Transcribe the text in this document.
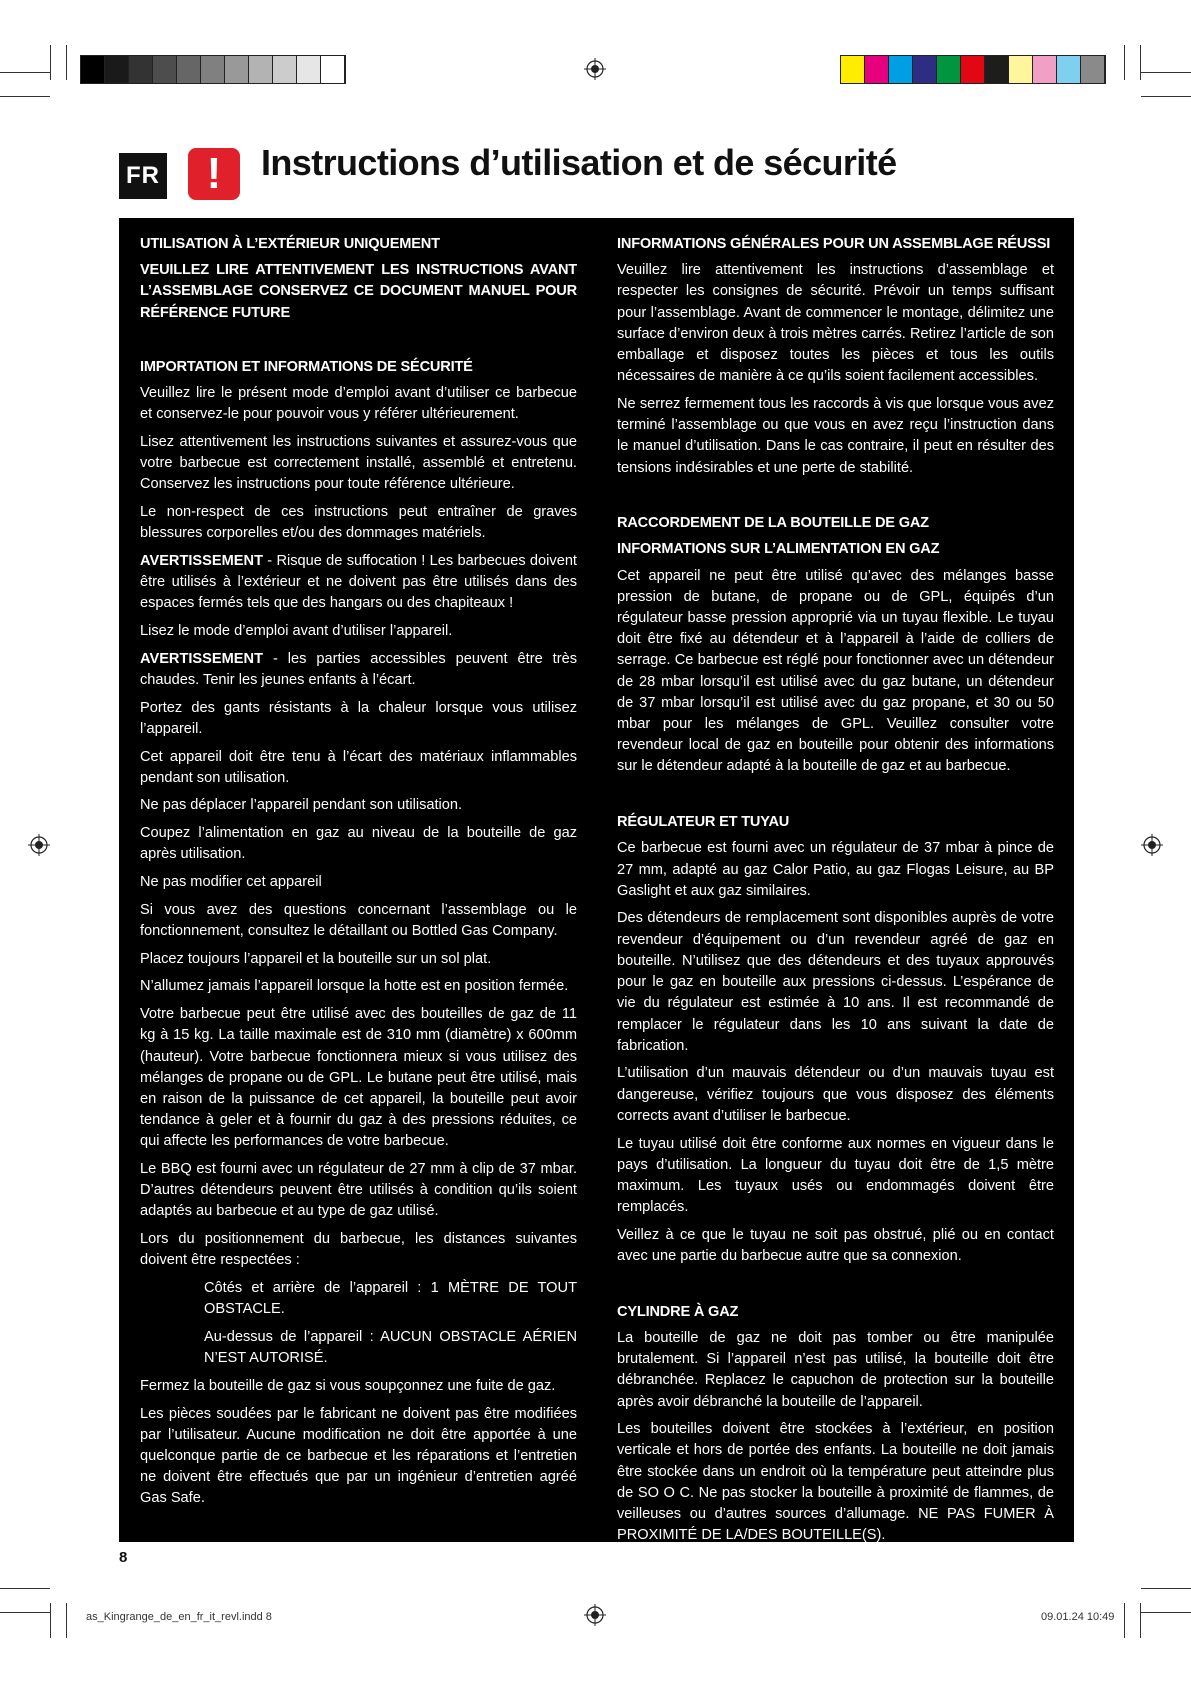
FR	!	Instructions d’utilisation et de sécurité
UTILISATION À L’EXTÉRIEUR UNIQUEMENT
VEUILLEZ LIRE ATTENTIVEMENT LES INSTRUCTIONS AVANT L’ASSEMBLAGE CONSERVEZ CE DOCUMENT MANUEL POUR RÉFÉRENCE FUTURE
IMPORTATION ET INFORMATIONS DE SÉCURITÉ

Veuillez lire le présent mode d’emploi avant d’utiliser ce barbecue et conservez-le pour pouvoir vous y référer ultérieurement.

Lisez attentivement les instructions suivantes et assurez-vous que votre barbecue est correctement installé, assemblé et entretenu. Conservez les instructions pour toute référence ultérieure.

Le non-respect de ces instructions peut entraîner de graves blessures corporelles et/ou des dommages matériels.

AVERTISSEMENT - Risque de suffocation ! Les barbecues doivent être utilisés à l’extérieur et ne doivent pas être utilisés dans des espaces fermés tels que des hangars ou des chapiteaux !

Lisez le mode d’emploi avant d’utiliser l’appareil.

AVERTISSEMENT - les parties accessibles peuvent être très chaudes. Tenir les jeunes enfants à l’écart.

Portez des gants résistants à la chaleur lorsque vous utilisez l’appareil.

Cet appareil doit être tenu à l’écart des matériaux inflammables pendant son utilisation.

Ne pas déplacer l’appareil pendant son utilisation.

Coupez l’alimentation en gaz au niveau de la bouteille de gaz après utilisation.

Ne pas modifier cet appareil

Si vous avez des questions concernant l’assemblage ou le fonctionnement, consultez le détaillant ou Bottled Gas Company.

Placez toujours l’appareil et la bouteille sur un sol plat.

N’allumez jamais l’appareil lorsque la hotte est en position fermée.

Votre barbecue peut être utilisé avec des bouteilles de gaz de 11 kg à 15 kg. La taille maximale est de 310 mm (diamètre) x 600mm (hauteur). Votre barbecue fonctionnera mieux si vous utilisez des mélanges de propane ou de GPL. Le butane peut être utilisé, mais en raison de la puissance de cet appareil, la bouteille peut avoir tendance à geler et à fournir du gaz à des pressions réduites, ce qui affecte les performances de votre barbecue.

Le BBQ est fourni avec un régulateur de 27 mm à clip de 37 mbar. D’autres détendeurs peuvent être utilisés à condition qu’ils soient adaptés au barbecue et au type de gaz utilisé.

Lors du positionnement du barbecue, les distances suivantes doivent être respectées :

Côtés et arrière de l’appareil : 1 MÈTRE DE TOUT OBSTACLE.

Au-dessus de l’appareil : AUCUN OBSTACLE AÉRIEN N’EST AUTORISÉ.

Fermez la bouteille de gaz si vous soupçonnez une fuite de gaz.

Les pièces soudées par le fabricant ne doivent pas être modifiées par l’utilisateur. Aucune modification ne doit être apportée à une quelconque partie de ce barbecue et les réparations et l’entretien ne doivent être effectués que par un ingénieur d’entretien agréé Gas Safe.

INFORMATIONS GÉNÉRALES POUR UN ASSEMBLAGE RÉUSSI

Veuillez lire attentivement les instructions d’assemblage et respecter les consignes de sécurité. Prévoir un temps suffisant pour l’assemblage. Avant de commencer le montage, délimitez une surface d’environ deux à trois mètres carrés. Retirez l’article de son emballage et disposez toutes les pièces et tous les outils nécessaires de manière à ce qu’ils soient facilement accessibles.

Ne serrez fermement tous les raccords à vis que lorsque vous avez terminé l’assemblage ou que vous en avez reçu l’instruction dans le manuel d’utilisation. Dans le cas contraire, il peut en résulter des tensions indésirables et une perte de stabilité.

RACCORDEMENT DE LA BOUTEILLE DE GAZ
INFORMATIONS SUR L’ALIMENTATION EN GAZ

Cet appareil ne peut être utilisé qu’avec des mélanges basse pression de butane, de propane ou de GPL, équipés d’un régulateur basse pression approprié via un tuyau flexible. Le tuyau doit être fixé au détendeur et à l’appareil à l’aide de colliers de serrage. Ce barbecue est réglé pour fonctionner avec un détendeur de 28 mbar lorsqu’il est utilisé avec du gaz butane, un détendeur de 37 mbar lorsqu’il est utilisé avec du gaz propane, et 30 ou 50 mbar pour les mélanges de GPL. Veuillez consulter votre revendeur local de gaz en bouteille pour obtenir des informations sur le détendeur adapté à la bouteille de gaz et au barbecue.

RÉGULATEUR ET TUYAU

Ce barbecue est fourni avec un régulateur de 37 mbar à pince de 27 mm, adapté au gaz Calor Patio, au gaz Flogas Leisure, au BP Gaslight et aux gaz similaires.

Des détendeurs de remplacement sont disponibles auprès de votre revendeur d’équipement ou d’un revendeur agréé de gaz en bouteille. N’utilisez que des détendeurs et des tuyaux approuvés pour le gaz en bouteille aux pressions ci-dessus. L’espérance de vie du régulateur est estimée à 10 ans. Il est recommandé de remplacer le régulateur dans les 10 ans suivant la date de fabrication.

L’utilisation d’un mauvais détendeur ou d’un mauvais tuyau est dangereuse, vérifiez toujours que vous disposez des éléments corrects avant d’utiliser le barbecue.

Le tuyau utilisé doit être conforme aux normes en vigueur dans le pays d’utilisation. La longueur du tuyau doit être de 1,5 mètre maximum. Les tuyaux usés ou endommagés doivent être remplacés.

Veillez à ce que le tuyau ne soit pas obstrué, plié ou en contact avec une partie du barbecue autre que sa connexion.

CYLINDRE À GAZ

La bouteille de gaz ne doit pas tomber ou être manipulée brutalement. Si l’appareil n’est pas utilisé, la bouteille doit être débranchée. Replacez le capuchon de protection sur la bouteille après avoir débranché la bouteille de l’appareil.

Les bouteilles doivent être stockées à l’extérieur, en position verticale et hors de portée des enfants. La bouteille ne doit jamais être stockée dans un endroit où la température peut atteindre plus de SO O C. Ne pas stocker la bouteille à proximité de flammes, de veilleuses ou d’autres sources d’allumage. NE PAS FUMER À PROXIMITÉ DE LA/DES BOUTEILLE(S).

Ce barbecue est conçu pour être utilisé à l’extérieur uniquement,

8
as_Kingrange_de_en_fr_it_revl.indd 8	09.01.24 10:49
